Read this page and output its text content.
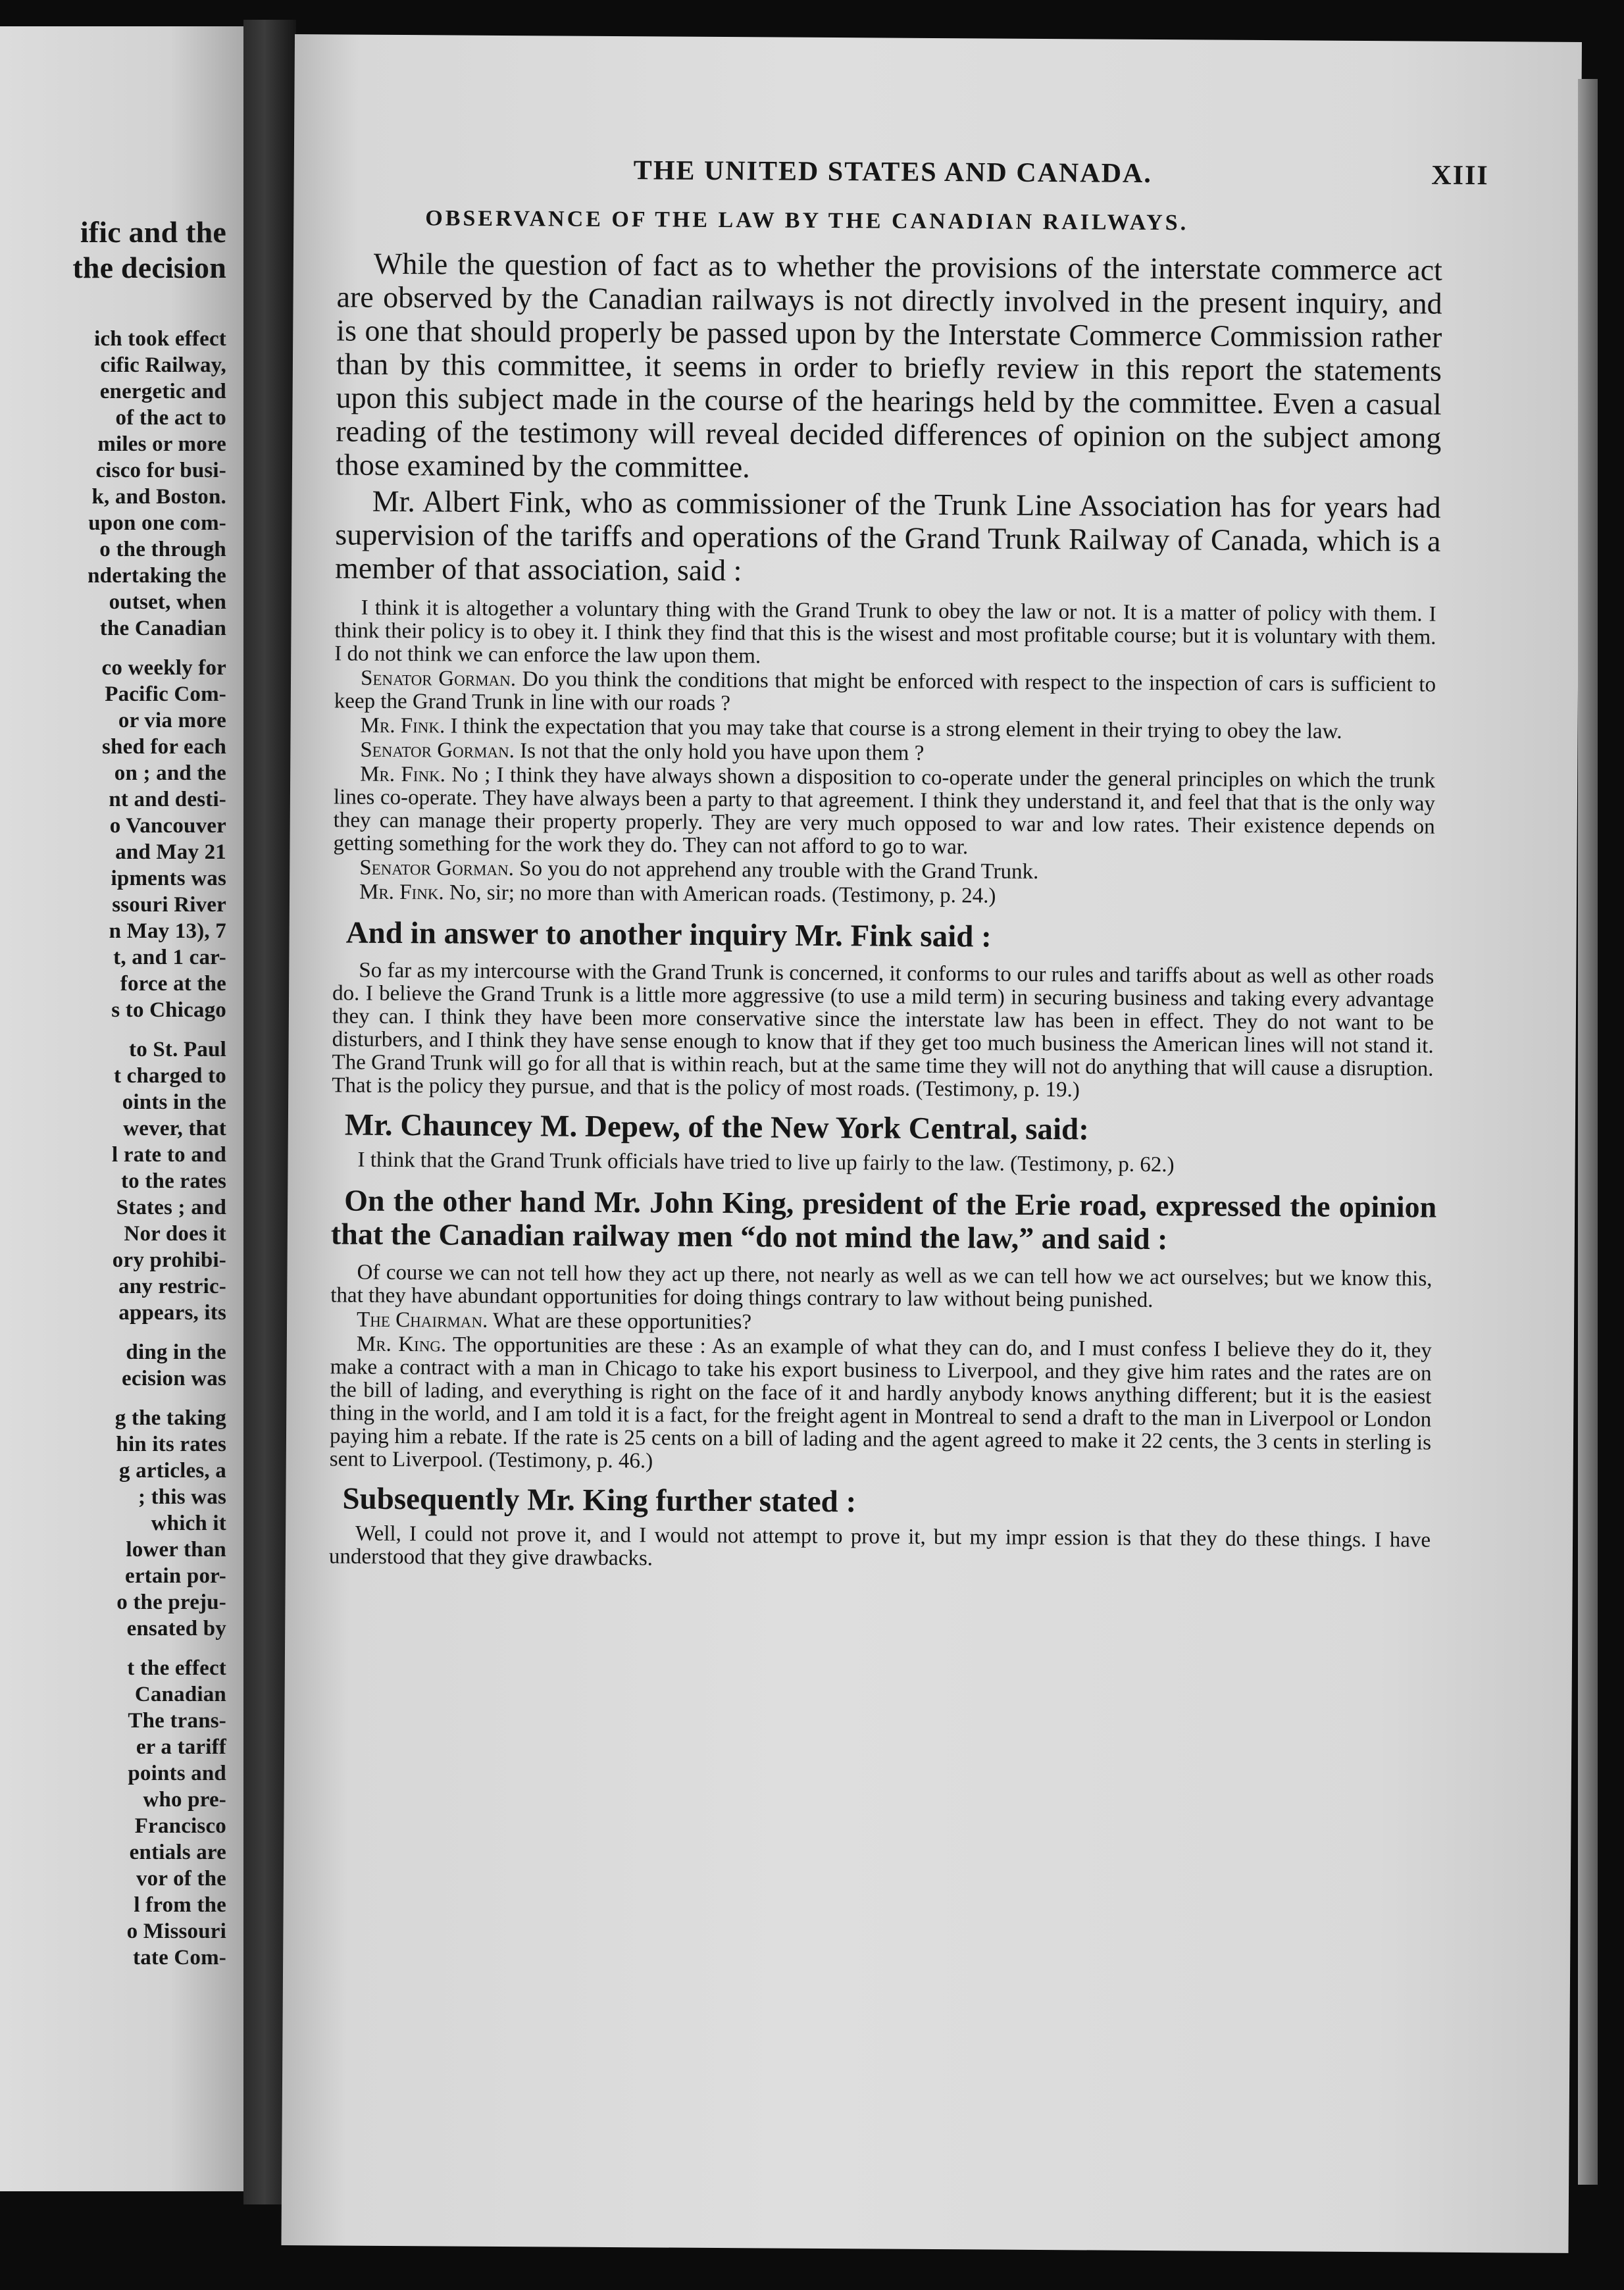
ific and the
the decision
ich took effect
cific Railway,
energetic and
of the act to
miles or more
cisco for busi-
k, and Boston.
upon one com-
o the through
ndertaking the
outset, when
the Canadian
co weekly for
Pacific Com-
or via more
shed for each
on ; and the
nt and desti-
o Vancouver
and May 21
ipments was
ssouri River
n May 13), 7
t, and 1 car-
force at the
s to Chicago
to St. Paul
t charged to
oints in the
wever, that
l rate to and
to the rates
States ; and
Nor does it
ory prohibi-
any restric-
appears, its
ding in the
ecision was
g the taking
hin its rates
g articles, a
; this was
which it
lower than
ertain por-
o the preju-
ensated by
t the effect
Canadian
The trans-
er a tariff
points and
who pre-
Francisco
entials are
vor of the
l from the
o Missouri
tate Com-
THE UNITED STATES AND CANADA.	XIII
OBSERVANCE OF THE LAW BY THE CANADIAN RAILWAYS.

While the question of fact as to whether the provisions of the interstate commerce act are observed by the Canadian railways is not directly involved in the present inquiry, and is one that should properly be passed upon by the Interstate Commerce Commission rather than by this committee, it seems in order to briefly review in this report the statements upon this subject made in the course of the hearings held by the committee. Even a casual reading of the testimony will reveal decided differences of opinion on the subject among those examined by the committee.

Mr. Albert Fink, who as commissioner of the Trunk Line Association has for years had supervision of the tariffs and operations of the Grand Trunk Railway of Canada, which is a member of that association, said :

I think it is altogether a voluntary thing with the Grand Trunk to obey the law or not. It is a matter of policy with them. I think their policy is to obey it. I think they find that this is the wisest and most profitable course; but it is voluntary with them. I do not think we can enforce the law upon them.

Senator Gorman. Do you think the conditions that might be enforced with respect to the inspection of cars is sufficient to keep the Grand Trunk in line with our roads ?

Mr. Fink. I think the expectation that you may take that course is a strong element in their trying to obey the law.

Senator Gorman. Is not that the only hold you have upon them ?

Mr. Fink. No ; I think they have always shown a disposition to co-operate under the general principles on which the trunk lines co-operate. They have always been a party to that agreement. I think they understand it, and feel that that is the only way they can manage their property properly. They are very much opposed to war and low rates. Their existence depends on getting something for the work they do. They can not afford to go to war.

Senator Gorman. So you do not apprehend any trouble with the Grand Trunk.

Mr. Fink. No, sir; no more than with American roads. (Testimony, p. 24.)

And in answer to another inquiry Mr. Fink said :

So far as my intercourse with the Grand Trunk is concerned, it conforms to our rules and tariffs about as well as other roads do. I believe the Grand Trunk is a little more aggressive (to use a mild term) in securing business and taking every advantage they can. I think they have been more conservative since the interstate law has been in effect. They do not want to be disturbers, and I think they have sense enough to know that if they get too much business the American lines will not stand it. The Grand Trunk will go for all that is within reach, but at the same time they will not do anything that will cause a disruption. That is the policy they pursue, and that is the policy of most roads. (Testimony, p. 19.)

Mr. Chauncey M. Depew, of the New York Central, said:

I think that the Grand Trunk officials have tried to live up fairly to the law. (Testimony, p. 62.)

On the other hand Mr. John King, president of the Erie road, expressed the opinion that the Canadian railway men “do not mind the law,” and said :

Of course we can not tell how they act up there, not nearly as well as we can tell how we act ourselves; but we know this, that they have abundant opportunities for doing things contrary to law without being punished.

The Chairman. What are these opportunities?

Mr. King. The opportunities are these : As an example of what they can do, and I must confess I believe they do it, they make a contract with a man in Chicago to take his export business to Liverpool, and they give him rates and the rates are on the bill of lading, and everything is right on the face of it and hardly anybody knows anything different; but it is the easiest thing in the world, and I am told it is a fact, for the freight agent in Montreal to send a draft to the man in Liverpool or London paying him a rebate. If the rate is 25 cents on a bill of lading and the agent agreed to make it 22 cents, the 3 cents in sterling is sent to Liverpool. (Testimony, p. 46.)

Subsequently Mr. King further stated :

Well, I could not prove it, and I would not attempt to prove it, but my impr ession is that they do these things. I have understood that they give drawbacks.
